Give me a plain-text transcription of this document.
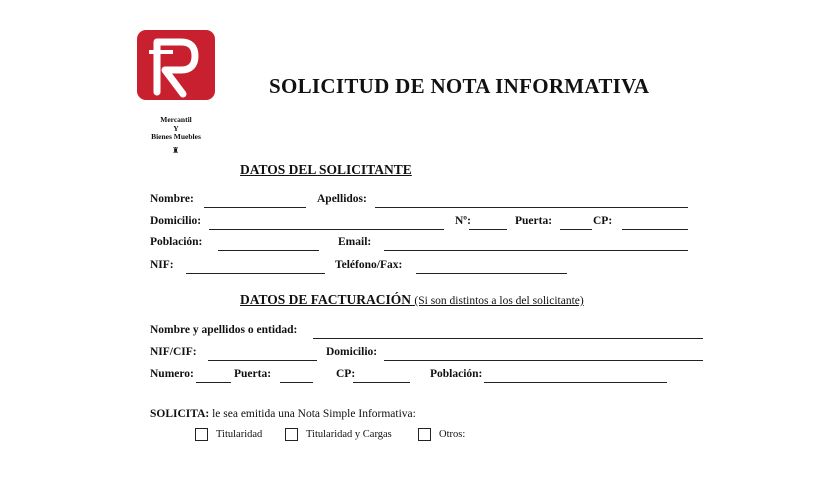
Mercantil
Y
Bienes Muebles
♜
SOLICITUD DE NOTA INFORMATIVA
DATOS DEL SOLICITANTE
Nombre:	Apellidos:
Domicilio:	Nº:	Puerta:	CP:
Población:	Email:
NIF:	Teléfono/Fax:
DATOS DE FACTURACIÓN (Si son distintos a los del solicitante)
Nombre y apellidos o entidad:
NIF/CIF:	Domicilio:
Numero:	Puerta:	CP:	Población:
SOLICITA: le sea emitida una Nota Simple Informativa:
Titularidad	Titularidad y Cargas	Otros:
